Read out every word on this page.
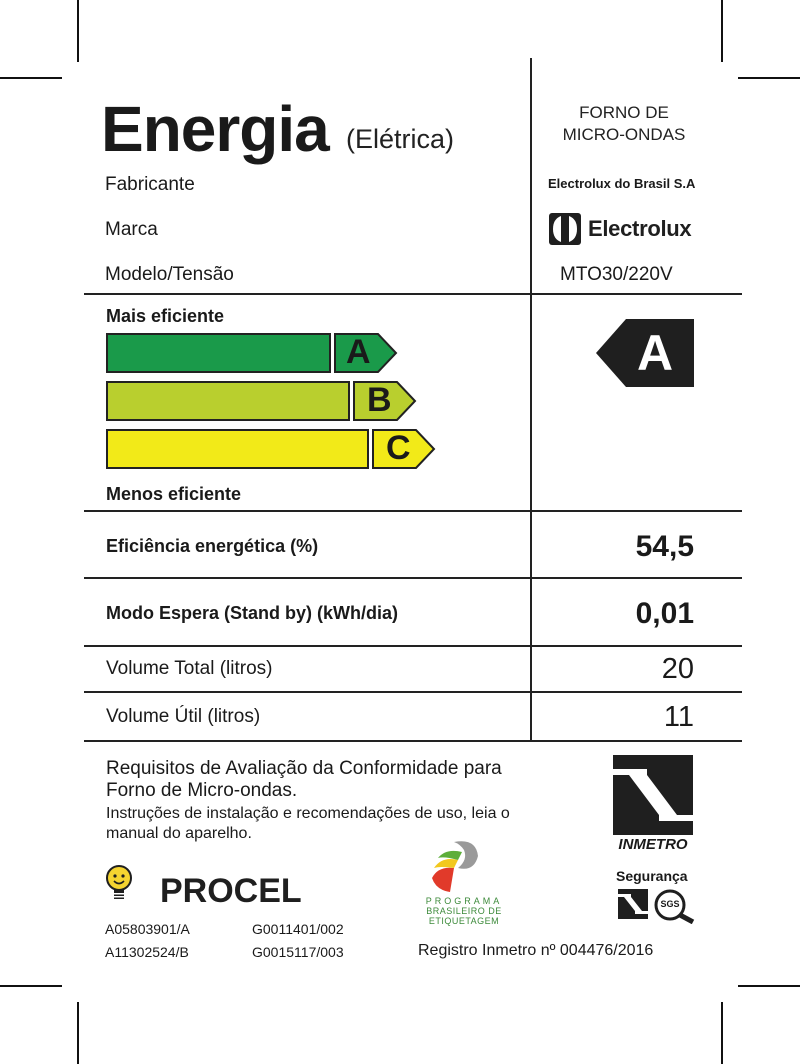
Energia (Elétrica)
FORNO DE
MICRO-ONDAS
Fabricante	Electrolux do Brasil S.A
Marca	Electrolux
Modelo/Tensão	MTO30/220V
Mais eficiente
A
B
C
Menos eficiente
A
Eficiência energética (%)	54,5
Modo Espera (Stand by) (kWh/dia)	0,01
Volume Total (litros)	20
Volume Útil (litros)	11
Requisitos de Avaliação da Conformidade para
Forno de Micro-ondas.
Instruções de instalação e recomendações de uso, leia o
manual do aparelho.
INMETRO
Segurança
SGS
PROCEL	PROGRAMA
BRASILEIRO DE
ETIQUETAGEM
A05803901/A	G0011401/002
A11302524/B	G0015117/003	Registro Inmetro nº 004476/2016
